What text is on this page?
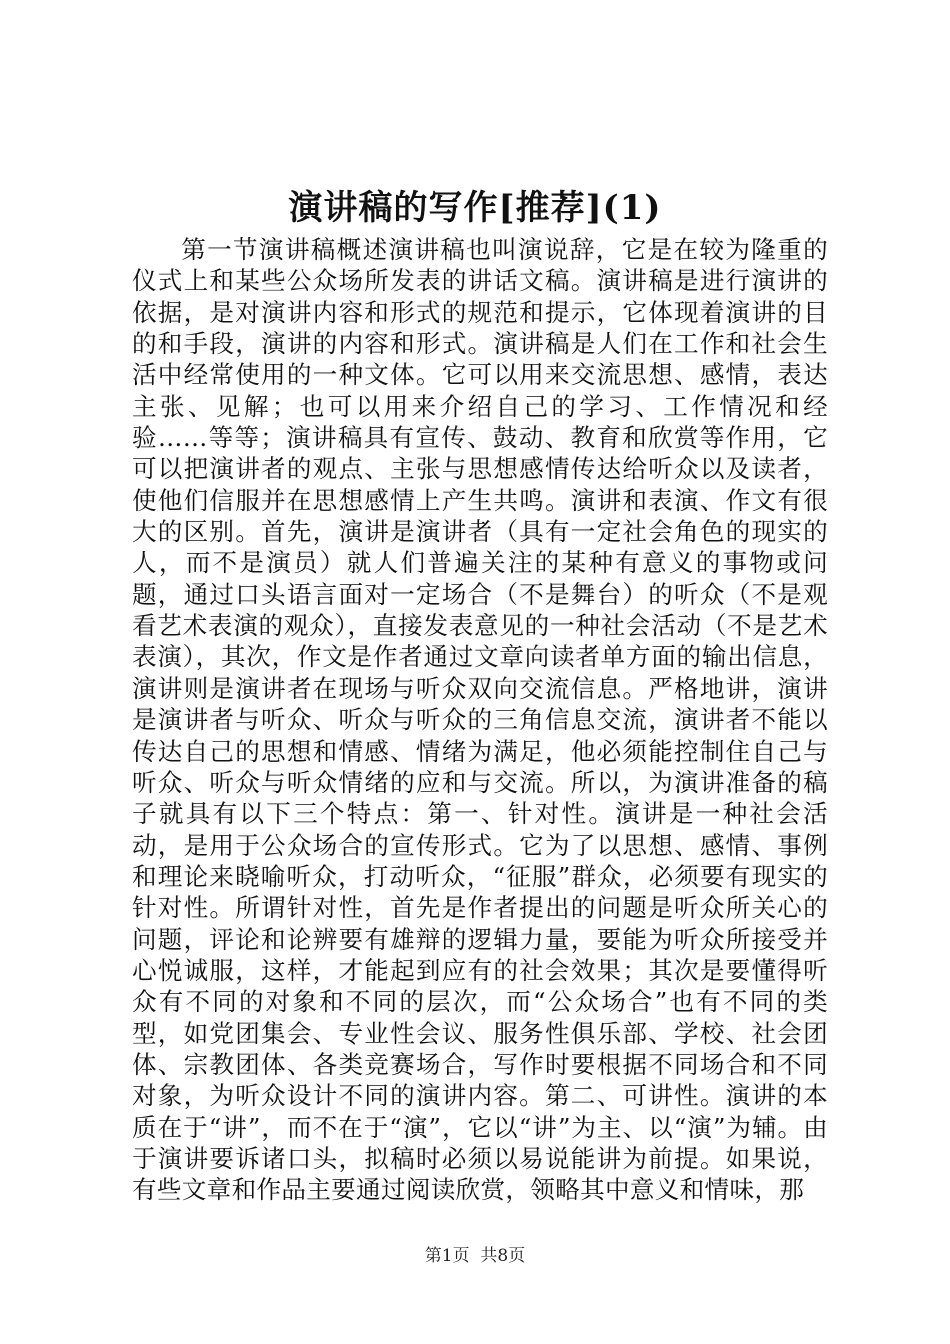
演讲稿的写作[推荐](1)

第一节演讲稿概述演讲稿也叫演说辞，它是在较为隆重的仪式上和某些公众场所发表的讲话文稿。演讲稿是进行演讲的依据，是对演讲内容和形式的规范和提示，它体现着演讲的目的和手段，演讲的内容和形式。演讲稿是人们在工作和社会生活中经常使用的一种文体。它可以用来交流思想、感情，表达主张、见解；也可以用来介绍自己的学习、工作情况和经验……等等；演讲稿具有宣传、鼓动、教育和欣赏等作用，它可以把演讲者的观点、主张与思想感情传达给听众以及读者，使他们信服并在思想感情上产生共鸣。演讲和表演、作文有很大的区别。首先，演讲是演讲者（具有一定社会角色的现实的人，而不是演员）就人们普遍关注的某种有意义的事物或问题，通过口头语言面对一定场合（不是舞台）的听众（不是观看艺术表演的观众），直接发表意见的一种社会活动（不是艺术表演），其次，作文是作者通过文章向读者单方面的输出信息，演讲则是演讲者在现场与听众双向交流信息。严格地讲，演讲是演讲者与听众、听众与听众的三角信息交流，演讲者不能以传达自己的思想和情感、情绪为满足，他必须能控制住自己与听众、听众与听众情绪的应和与交流。所以，为演讲准备的稿子就具有以下三个特点：第一、针对性。演讲是一种社会活动，是用于公众场合的宣传形式。它为了以思想、感情、事例和理论来晓喻听众，打动听众，“征服”群众，必须要有现实的针对性。所谓针对性，首先是作者提出的问题是听众所关心的问题，评论和论辨要有雄辩的逻辑力量，要能为听众所接受并心悦诚服，这样，才能起到应有的社会效果；其次是要懂得听众有不同的对象和不同的层次，而“公众场合”也有不同的类型，如党团集会、专业性会议、服务性俱乐部、学校、社会团体、宗教团体、各类竞赛场合，写作时要根据不同场合和不同对象，为听众设计不同的演讲内容。第二、可讲性。演讲的本质在于“讲”，而不在于“演”，它以“讲”为主、以“演”为辅。由于演讲要诉诸口头，拟稿时必须以易说能讲为前提。如果说，有些文章和作品主要通过阅读欣赏，领略其中意义和情味，那

第1页 共8页
